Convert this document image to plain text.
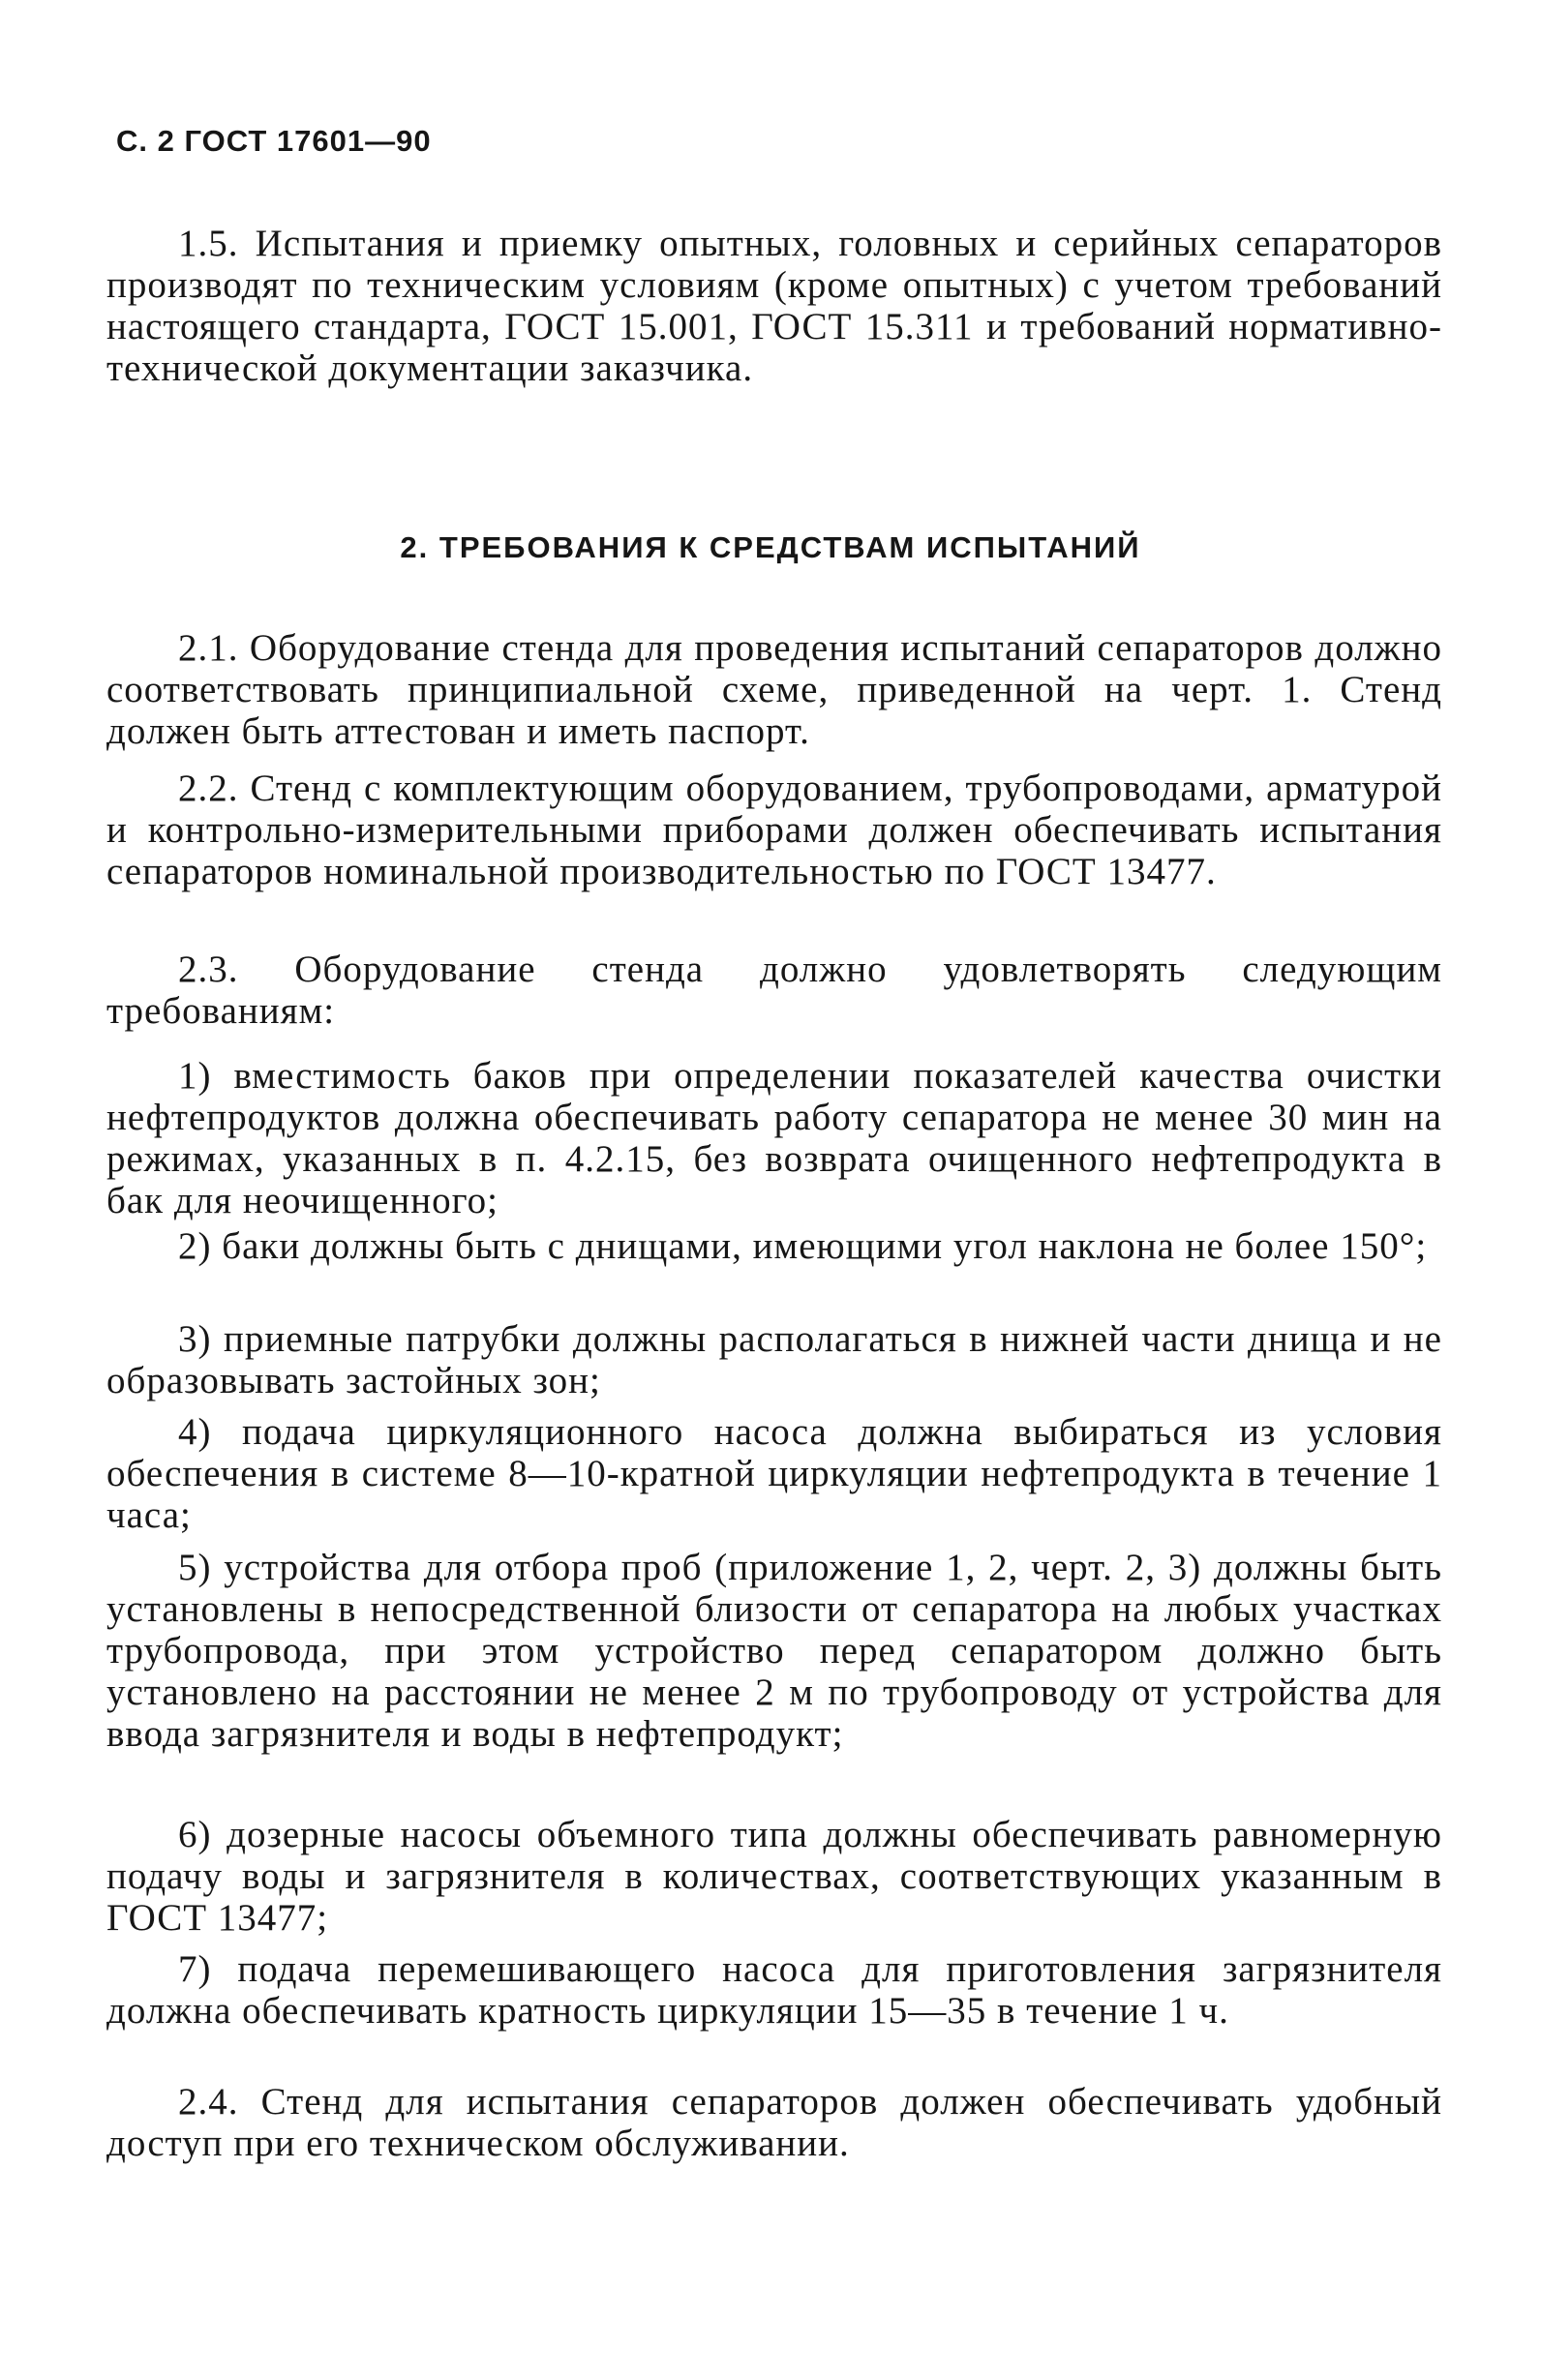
С. 2 ГОСТ 17601—90

1.5. Испытания и приемку опытных, головных и серийных сепараторов производят по техническим условиям (кроме опытных) с учетом требований настоящего стандарта, ГОСТ 15.001, ГОСТ 15.311 и требований нормативно-технической документации заказчика.

2. ТРЕБОВАНИЯ К СРЕДСТВАМ ИСПЫТАНИЙ

2.1. Оборудование стенда для проведения испытаний сепараторов должно соответствовать принципиальной схеме, приведенной на черт. 1. Стенд должен быть аттестован и иметь паспорт.

2.2. Стенд с комплектующим оборудованием, трубопроводами, арматурой и контрольно-измерительными приборами должен обеспечивать испытания сепараторов номинальной производительностью по ГОСТ 13477.

2.3. Оборудование стенда должно удовлетворять следующим требованиям:

1) вместимость баков при определении показателей качества очистки нефтепродуктов должна обеспечивать работу сепаратора не менее 30 мин на режимах, указанных в п. 4.2.15, без возврата очищенного нефтепродукта в бак для неочищенного;

2) баки должны быть с днищами, имеющими угол наклона не более 150°;

3) приемные патрубки должны располагаться в нижней части днища и не образовывать застойных зон;

4) подача циркуляционного насоса должна выбираться из условия обеспечения в системе 8—10-кратной циркуляции нефтепродукта в течение 1 часа;

5) устройства для отбора проб (приложение 1, 2, черт. 2, 3) должны быть установлены в непосредственной близости от сепаратора на любых участках трубопровода, при этом устройство перед сепаратором должно быть установлено на расстоянии не менее 2 м по трубопроводу от устройства для ввода загрязнителя и воды в нефтепродукт;

6) дозерные насосы объемного типа должны обеспечивать равномерную подачу воды и загрязнителя в количествах, соответствующих указанным в ГОСТ 13477;

7) подача перемешивающего насоса для приготовления загрязнителя должна обеспечивать кратность циркуляции 15—35 в течение 1 ч.

2.4. Стенд для испытания сепараторов должен обеспечивать удобный доступ при его техническом обслуживании.
